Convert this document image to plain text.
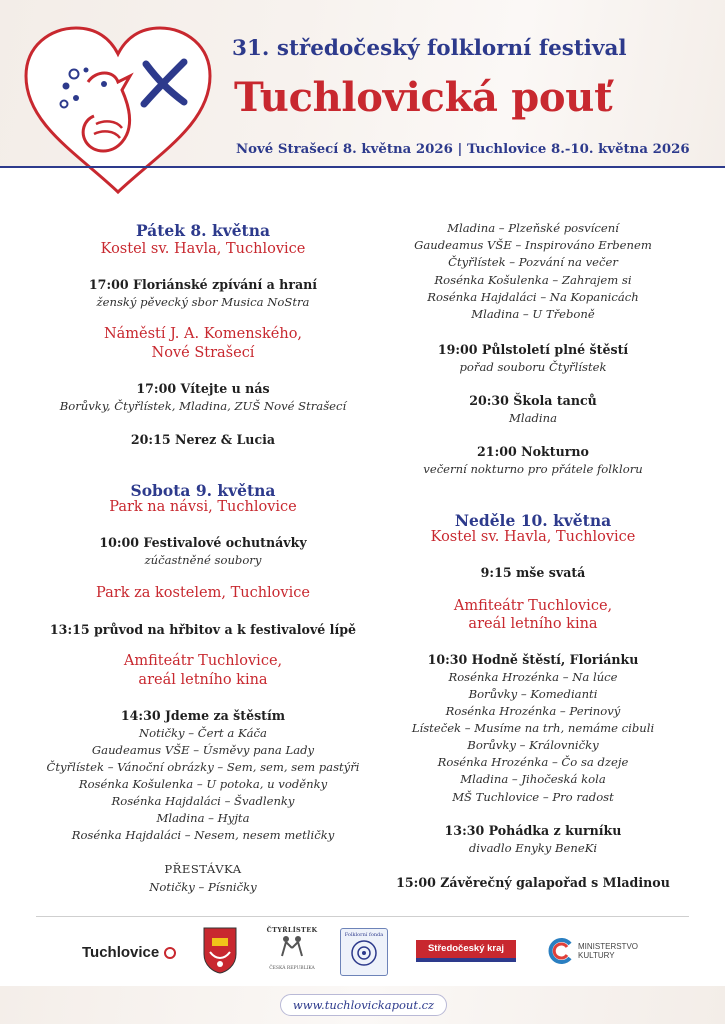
31. středočeský folklorní festival
Tuchlovická pouť
Nové Strašecí 8. května 2026 | Tuchlovice 8.-10. května 2026
Pátek 8. května
Kostel sv. Havla, Tuchlovice
17:00 Floriánské zpívání a hraní
ženský pěvecký sbor Musica NoStra
Náměstí J. A. Komenského,
Nové Strašecí
17:00 Vítejte u nás
Borůvky, Čtyřlístek, Mladina, ZUŠ Nové Strašecí
20:15 Nerez & Lucia
Sobota 9. května
Park na návsi, Tuchlovice
10:00 Festivalové ochutnávky
zúčastněné soubory
Park za kostelem, Tuchlovice
13:15 průvod na hřbitov a k festivalové lípě
Amfiteátr Tuchlovice,
areál letního kina
14:30 Jdeme za štěstím
Notičky – Čert a Káča
Gaudeamus VŠE – Úsměvy pana Lady
Čtyřlístek – Vánoční obrázky – Sem, sem, sem pastýři
Rosénka Košulenka – U potoka, u voděnky
Rosénka Hajdaláci – Švadlenky
Mladina – Hyjta
Rosénka Hajdaláci – Nesem, nesem metličky
PŘESTÁVKA
Notičky – Písničky
Mladina – Plzeňské posvícení
Gaudeamus VŠE – Inspirováno Erbenem
Čtyřlístek – Pozvání na večer
Rosénka Košulenka – Zahrajem si
Rosénka Hajdaláci – Na Kopanicách
Mladina – U Třeboně
19:00 Půlstoletí plné štěstí
pořad souboru Čtyřlístek
20:30 Škola tanců
Mladina
21:00 Nokturno
večerní nokturno pro přátele folkloru
Neděle 10. května
Kostel sv. Havla, Tuchlovice
9:15 mše svatá
Amfiteátr Tuchlovice,
areál letního kina
10:30 Hodně štěstí, Floriánku
Rosénka Hrozénka – Na lúce
Borůvky – Komedianti
Rosénka Hrozénka – Perinový
Lísteček – Musíme na trh, nemáme cibuli
Borůvky – Královničky
Rosénka Hrozénka – Čo sa dzeje
Mladina – Jihočeská kola
MŠ Tuchlovice – Pro radost
13:30 Pohádka z kurníku
divadlo Enyky BeneKi
15:00 Závěrečný galapořad s Mladinou
Tuchlovice
ČTYŘLÍSTEK
ČESKÁ REPUBLIKA
Folklorní fonda
Středočeský kraj	MINISTERSTVO
KULTURY
www.tuchlovickapout.cz
